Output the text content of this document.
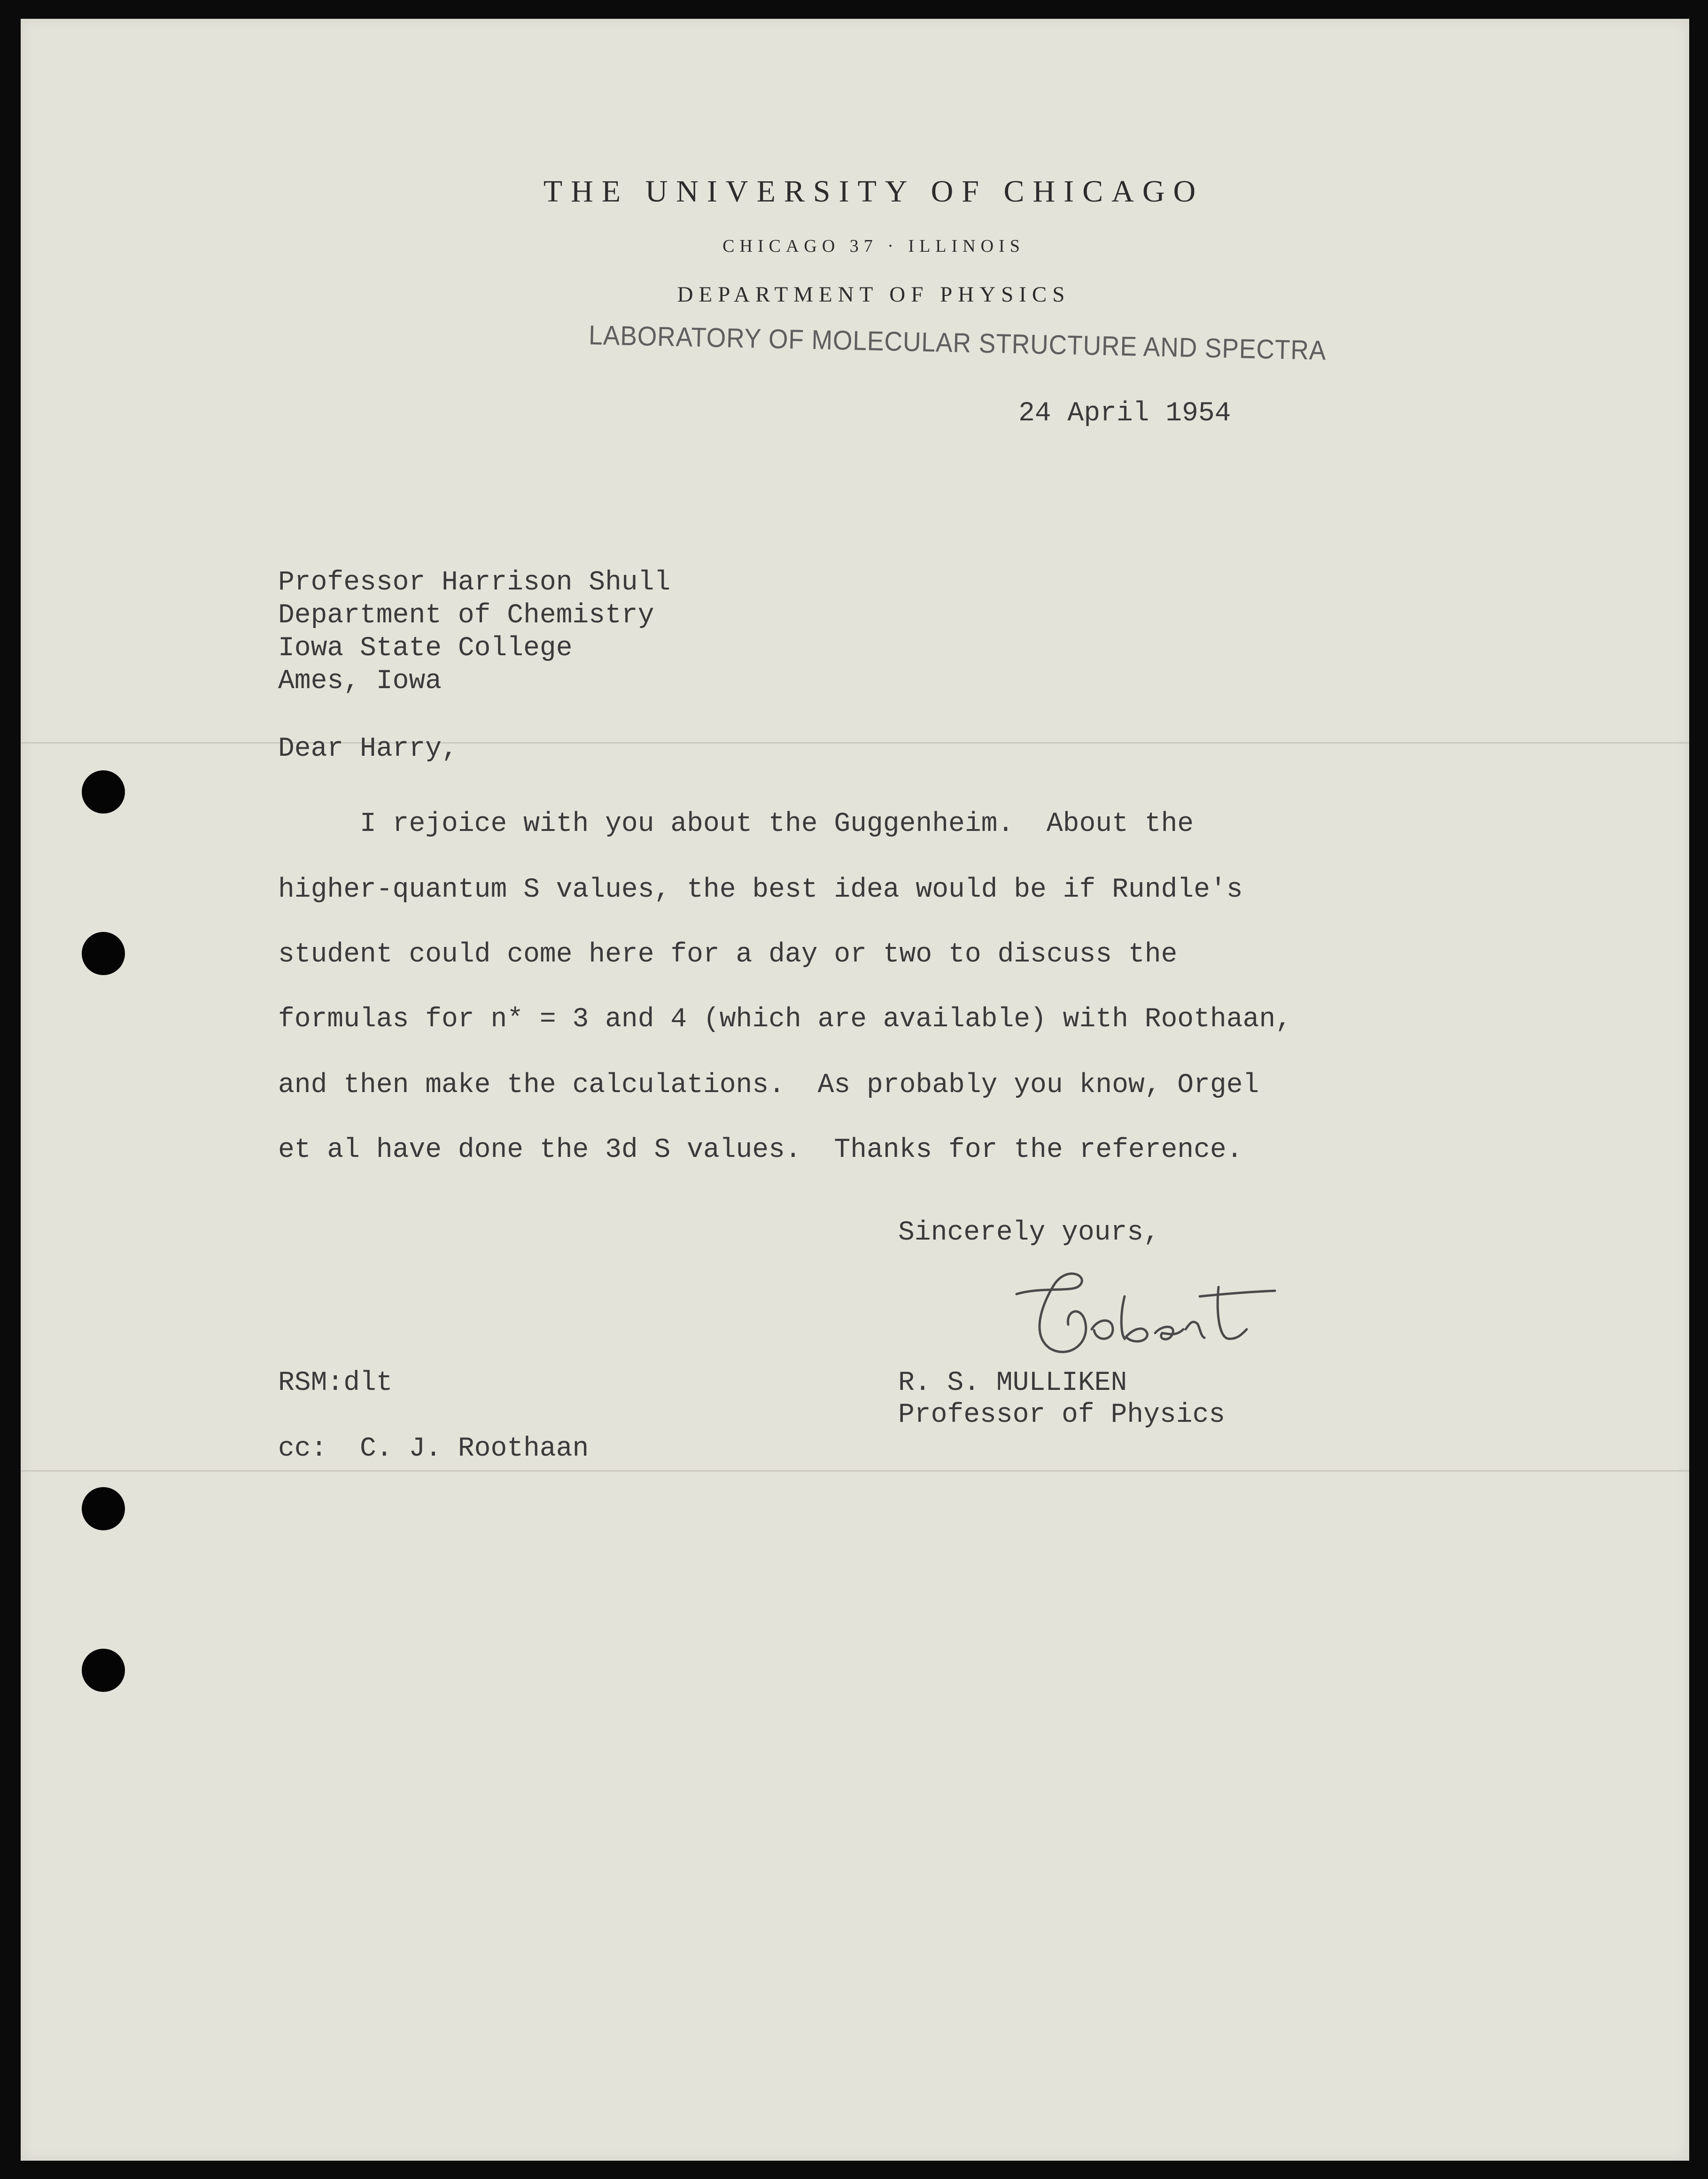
THE UNIVERSITY OF CHICAGO
CHICAGO 37 · ILLINOIS
DEPARTMENT OF PHYSICS
LABORATORY OF MOLECULAR STRUCTURE AND SPECTRA
24 April 1954
Professor Harrison Shull
Department of Chemistry
Iowa State College
Ames, Iowa
Dear Harry,
I rejoice with you about the Guggenheim.  About the
higher-quantum S values, the best idea would be if Rundle's
student could come here for a day or two to discuss the
formulas for n* = 3 and 4 (which are available) with Roothaan,
and then make the calculations.  As probably you know, Orgel
et al have done the 3d S values.  Thanks for the reference.
Sincerely yours,
RSM:dlt	R. S. MULLIKEN
Professor of Physics
cc:  C. J. Roothaan
